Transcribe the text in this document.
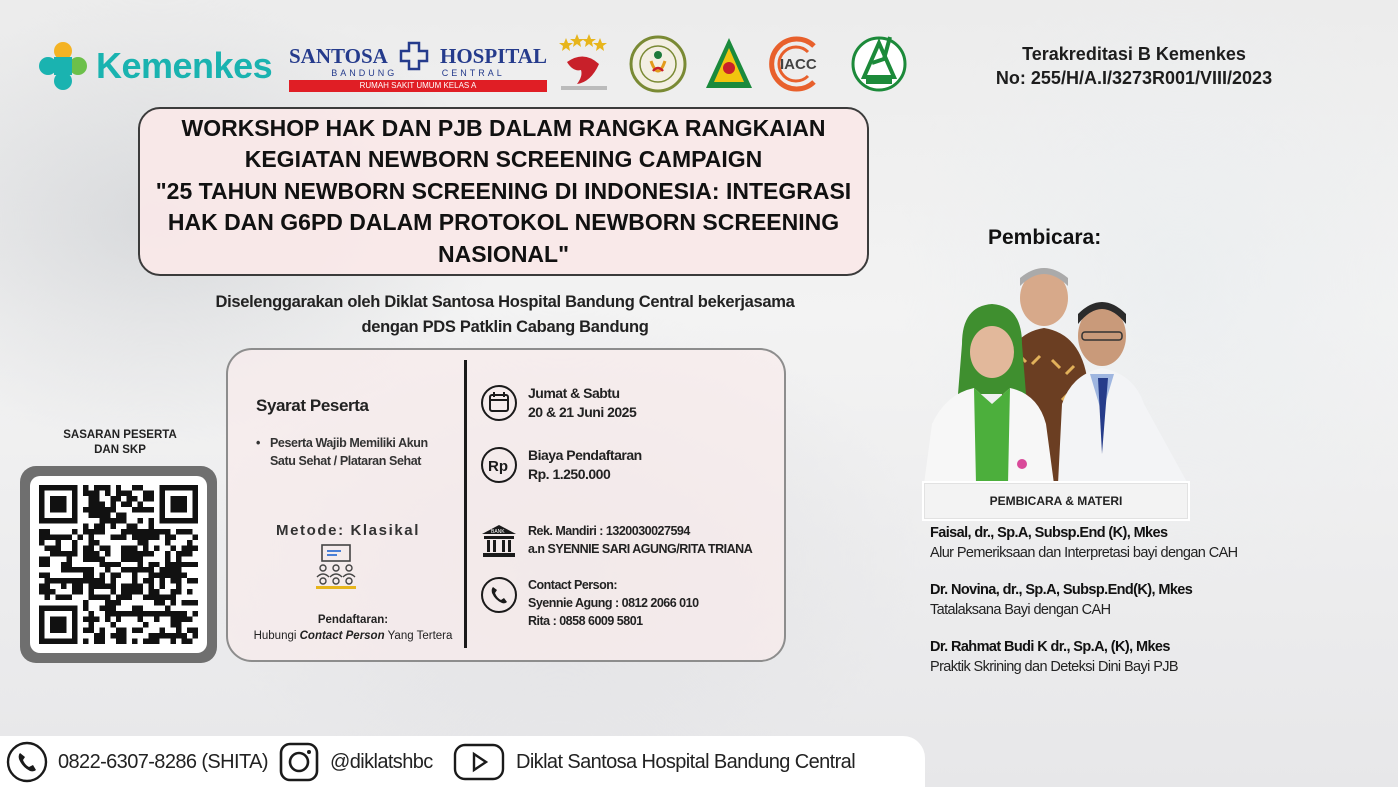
Kemenkes SANTOSA HOSPITAL
BANDUNG	CENTRAL
RUMAH SAKIT UMUM KELAS A
IACC
Terakreditasi B Kemenkes
No: 255/H/A.I/3273R001/VIII/2023
WORKSHOP HAK DAN PJB DALAM RANGKA RANGKAIAN
KEGIATAN NEWBORN SCREENING CAMPAIGN
"25 TAHUN NEWBORN SCREENING DI INDONESIA: INTEGRASI
HAK DAN G6PD DALAM PROTOKOL NEWBORN SCREENING
NASIONAL"
Diselenggarakan oleh Diklat Santosa Hospital Bandung Central bekerjasama
dengan PDS Patklin Cabang Bandung
Syarat Peserta
• Peserta Wajib Memiliki Akun Satu Sehat / Plataran Sehat
Metode: Klasikal
Pendaftaran:
Hubungi Contact Person Yang Tertera
Jumat & Sabtu
20 & 21 Juni 2025
Rp
Biaya Pendaftaran
Rp. 1.250.000
BANK Rek. Mandiri : 1320030027594
a.n SYENNIE SARI AGUNG/RITA TRIANA
Contact Person:
Syennie Agung : 0812 2066 010
Rita : 0858 6009 5801
SASARAN PESERTA
DAN SKP
Pembicara:
PEMBICARA & MATERI
Faisal, dr., Sp.A, Subsp.End (K), Mkes
Alur Pemeriksaan dan Interpretasi bayi dengan CAH
Dr. Novina, dr., Sp.A, Subsp.End(K), Mkes
Tatalaksana Bayi dengan CAH
Dr. Rahmat Budi K dr., Sp.A, (K), Mkes
Praktik Skrining dan Deteksi Dini Bayi PJB
0822-6307-8286 (SHITA)	@diklatshbc	Diklat Santosa Hospital Bandung Central
